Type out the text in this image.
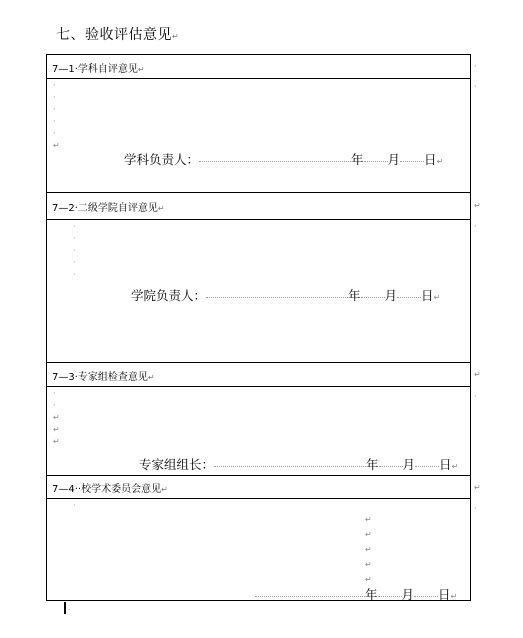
七、验收评估意见↵
7—1·学科自评意见↵
·
·
·
·
·
↵
学科负责人：	年 月 日↵
7—2·二级学院自评意见↵
·
·
·
·
·
学院负责人：	年 月 日↵
7—3·专家组检查意见↵
·
·
↵
↵
↵
专家组组长：	年 月 日↵
7—4··校学术委员会意见↵
·
↵
↵
↵
↵
↵
年 月 日↵
·
·
↵
·
↵
·
↵
·
·
